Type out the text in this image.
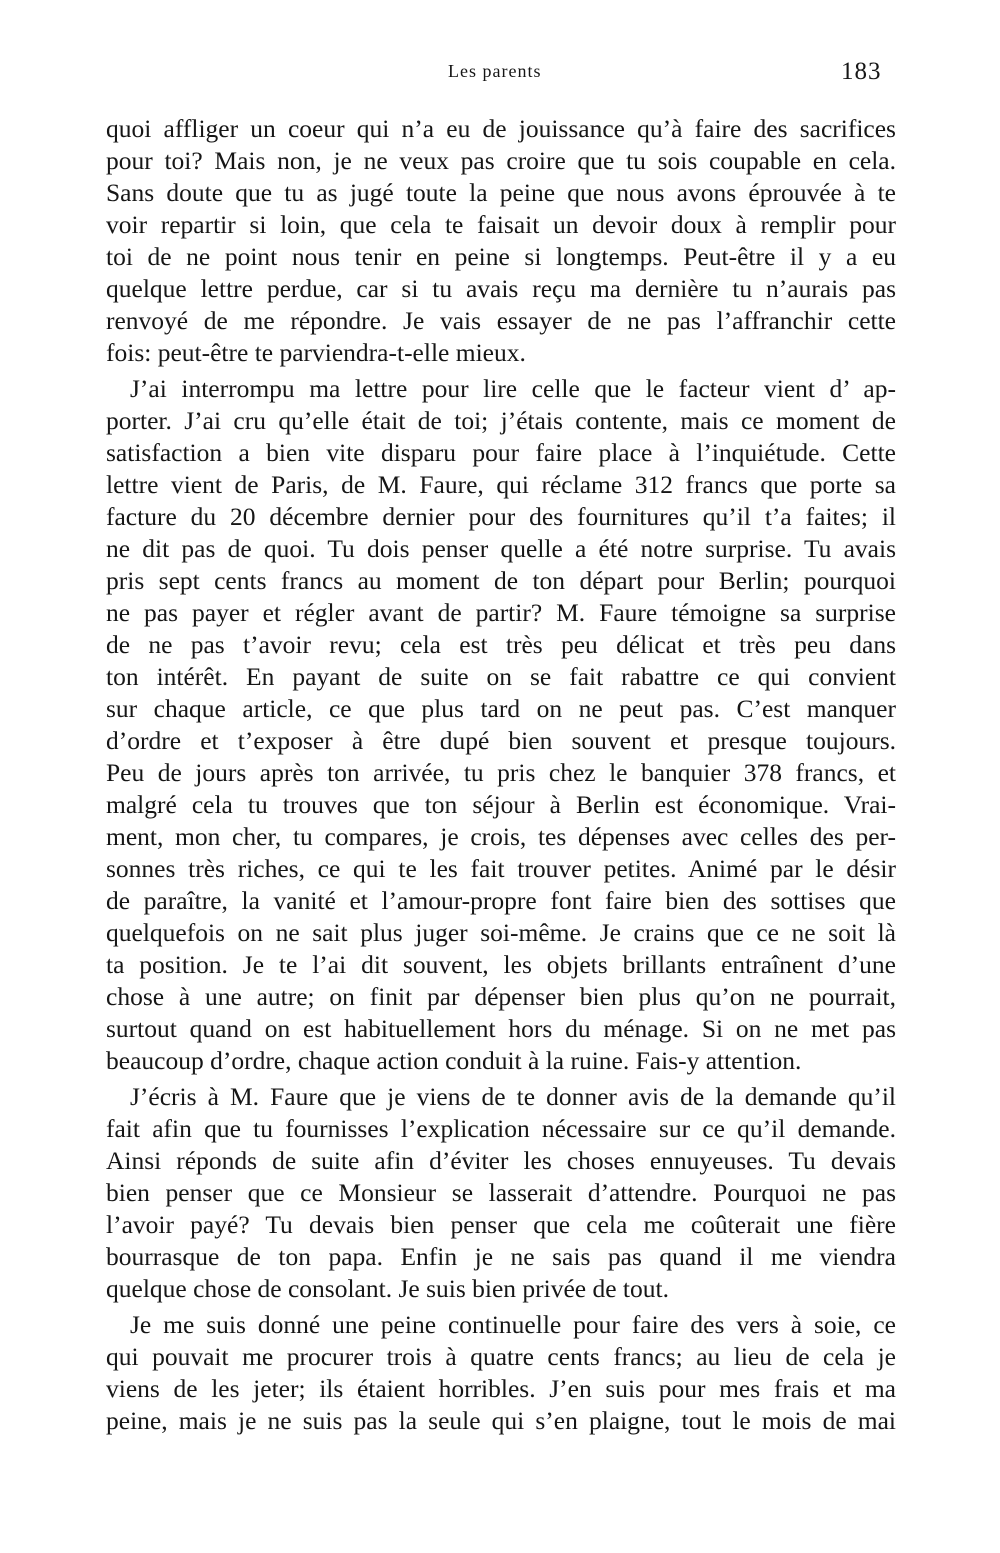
Les parents	183
quoi affliger un coeur qui n’a eu de jouissance qu’à faire des sacrifices
pour toi? Mais non, je ne veux pas croire que tu sois coupable en cela.
Sans doute que tu as jugé toute la peine que nous avons éprouvée à te
voir repartir si loin, que cela te faisait un devoir doux à remplir pour
toi de ne point nous tenir en peine si longtemps. Peut-être il y a eu
quelque lettre perdue, car si tu avais reçu ma dernière tu n’aurais pas
renvoyé de me répondre. Je vais essayer de ne pas l’affranchir cette
fois: peut-être te parviendra-t-elle mieux.
J’ai interrompu ma lettre pour lire celle que le facteur vient d’ ap-
porter. J’ai cru qu’elle était de toi; j’étais contente, mais ce moment de
satisfaction a bien vite disparu pour faire place à l’inquiétude. Cette
lettre vient de Paris, de M. Faure, qui réclame 312 francs que porte sa
facture du 20 décembre dernier pour des fournitures qu’il t’a faites; il
ne dit pas de quoi. Tu dois penser quelle a été notre surprise. Tu avais
pris sept cents francs au moment de ton départ pour Berlin; pourquoi
ne pas payer et régler avant de partir? M. Faure témoigne sa surprise
de ne pas t’avoir revu; cela est très peu délicat et très peu dans
ton intérêt. En payant de suite on se fait rabattre ce qui convient
sur chaque article, ce que plus tard on ne peut pas. C’est manquer
d’ordre et t’exposer à être dupé bien souvent et presque toujours.
Peu de jours après ton arrivée, tu pris chez le banquier 378 francs, et
malgré cela tu trouves que ton séjour à Berlin est économique. Vrai-
ment, mon cher, tu compares, je crois, tes dépenses avec celles des per-
sonnes très riches, ce qui te les fait trouver petites. Animé par le désir
de paraître, la vanité et l’amour-propre font faire bien des sottises que
quelquefois on ne sait plus juger soi-même. Je crains que ce ne soit là
ta position. Je te l’ai dit souvent, les objets brillants entraînent d’une
chose à une autre; on finit par dépenser bien plus qu’on ne pourrait,
surtout quand on est habituellement hors du ménage. Si on ne met pas
beaucoup d’ordre, chaque action conduit à la ruine. Fais-y attention.
J’écris à M. Faure que je viens de te donner avis de la demande qu’il
fait afin que tu fournisses l’explication nécessaire sur ce qu’il demande.
Ainsi réponds de suite afin d’éviter les choses ennuyeuses. Tu devais
bien penser que ce Monsieur se lasserait d’attendre. Pourquoi ne pas
l’avoir payé? Tu devais bien penser que cela me coûterait une fière
bourrasque de ton papa. Enfin je ne sais pas quand il me viendra
quelque chose de consolant. Je suis bien privée de tout.
Je me suis donné une peine continuelle pour faire des vers à soie, ce
qui pouvait me procurer trois à quatre cents francs; au lieu de cela je
viens de les jeter; ils étaient horribles. J’en suis pour mes frais et ma
peine, mais je ne suis pas la seule qui s’en plaigne, tout le mois de mai
